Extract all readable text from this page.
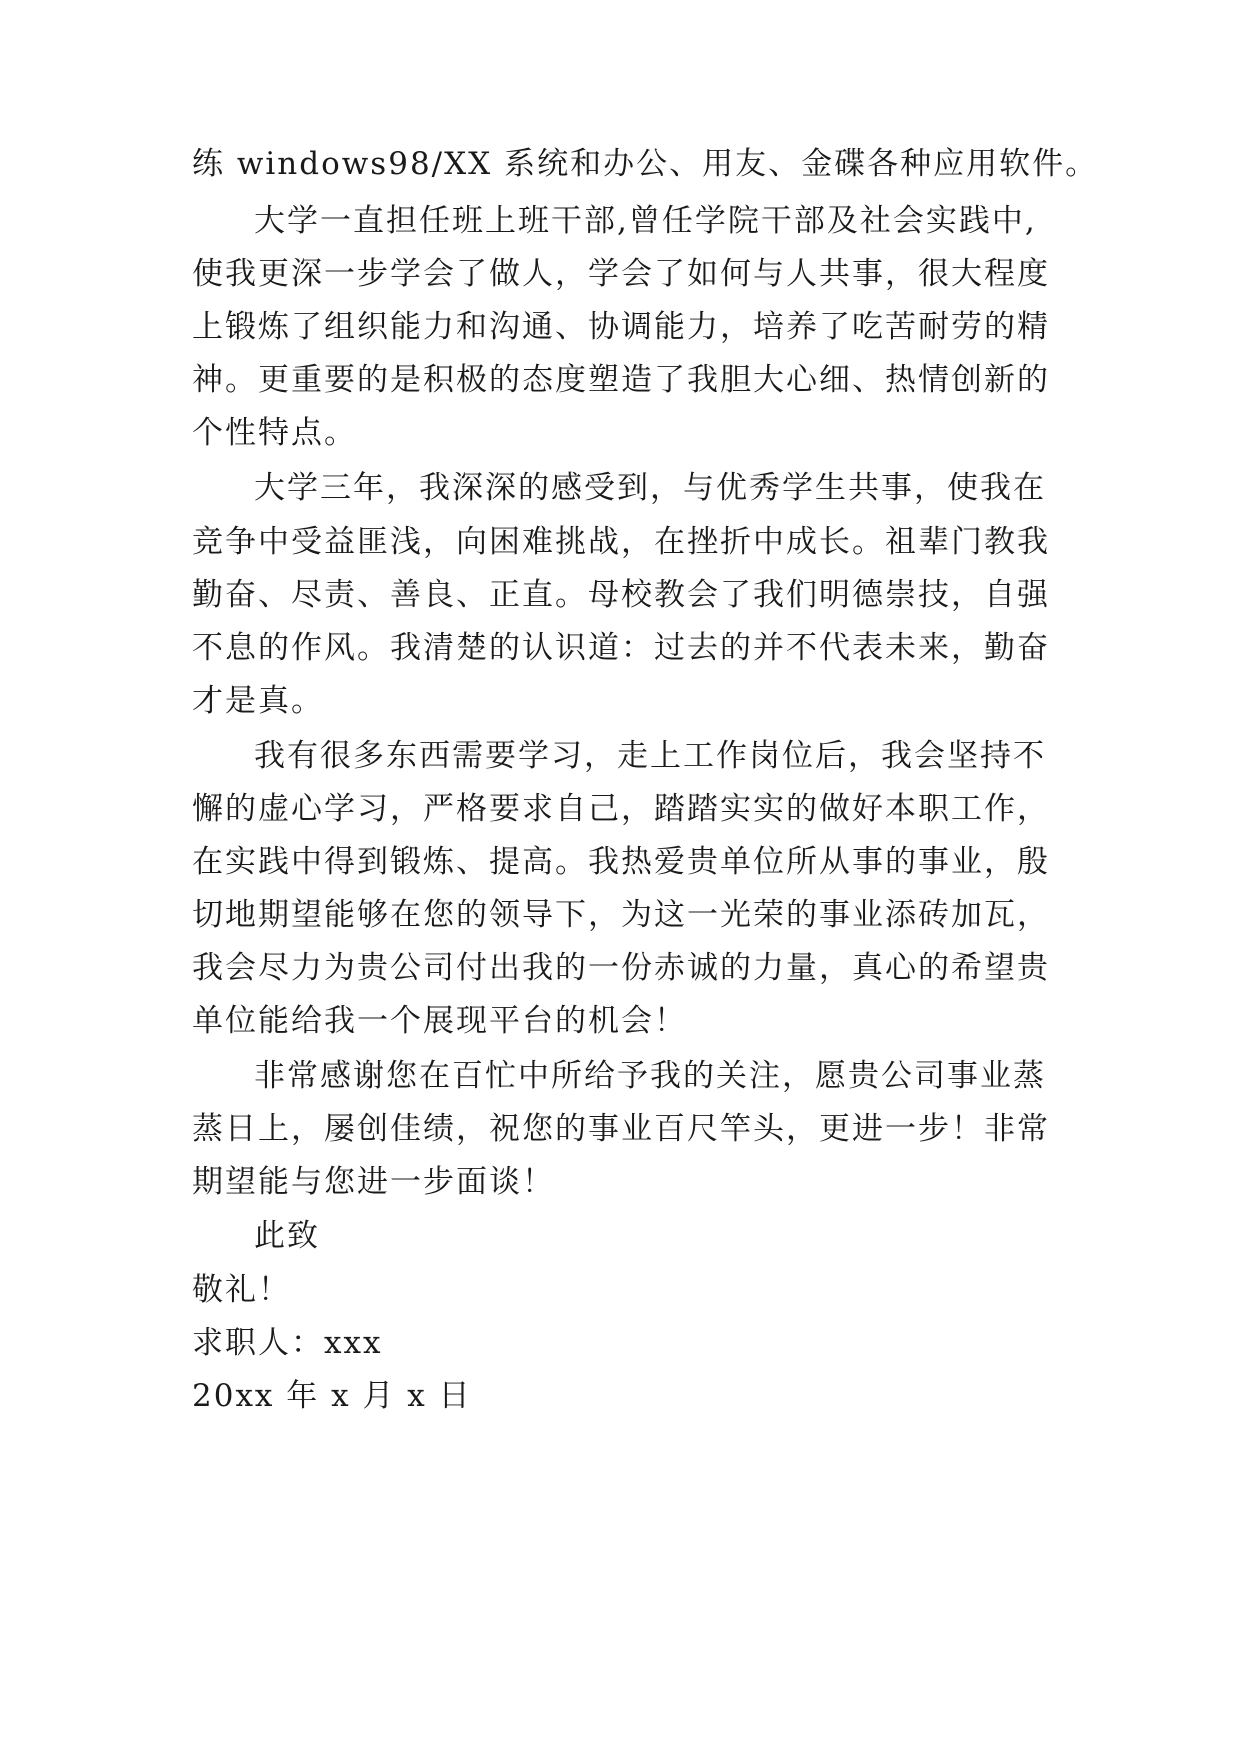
练 windows98/XX 系统和办公、用友、金碟各种应用软件。
大学一直担任班上班干部,曾任学院干部及社会实践中,
使我更深一步学会了做人，学会了如何与人共事，很大程度
上锻炼了组织能力和沟通、协调能力，培养了吃苦耐劳的精
神。更重要的是积极的态度塑造了我胆大心细、热情创新的
个性特点。
大学三年，我深深的感受到，与优秀学生共事，使我在
竞争中受益匪浅，向困难挑战，在挫折中成长。祖辈门教我
勤奋、尽责、善良、正直。母校教会了我们明德崇技，自强
不息的作风。我清楚的认识道：过去的并不代表未来，勤奋
才是真。
我有很多东西需要学习，走上工作岗位后，我会坚持不
懈的虚心学习，严格要求自己，踏踏实实的做好本职工作，
在实践中得到锻炼、提高。我热爱贵单位所从事的事业，殷
切地期望能够在您的领导下，为这一光荣的事业添砖加瓦，
我会尽力为贵公司付出我的一份赤诚的力量，真心的希望贵
单位能给我一个展现平台的机会！
非常感谢您在百忙中所给予我的关注，愿贵公司事业蒸
蒸日上，屡创佳绩，祝您的事业百尺竿头，更进一步！非常
期望能与您进一步面谈！
此致
敬礼！
求职人：xxx
20xx 年 x 月 x 日
